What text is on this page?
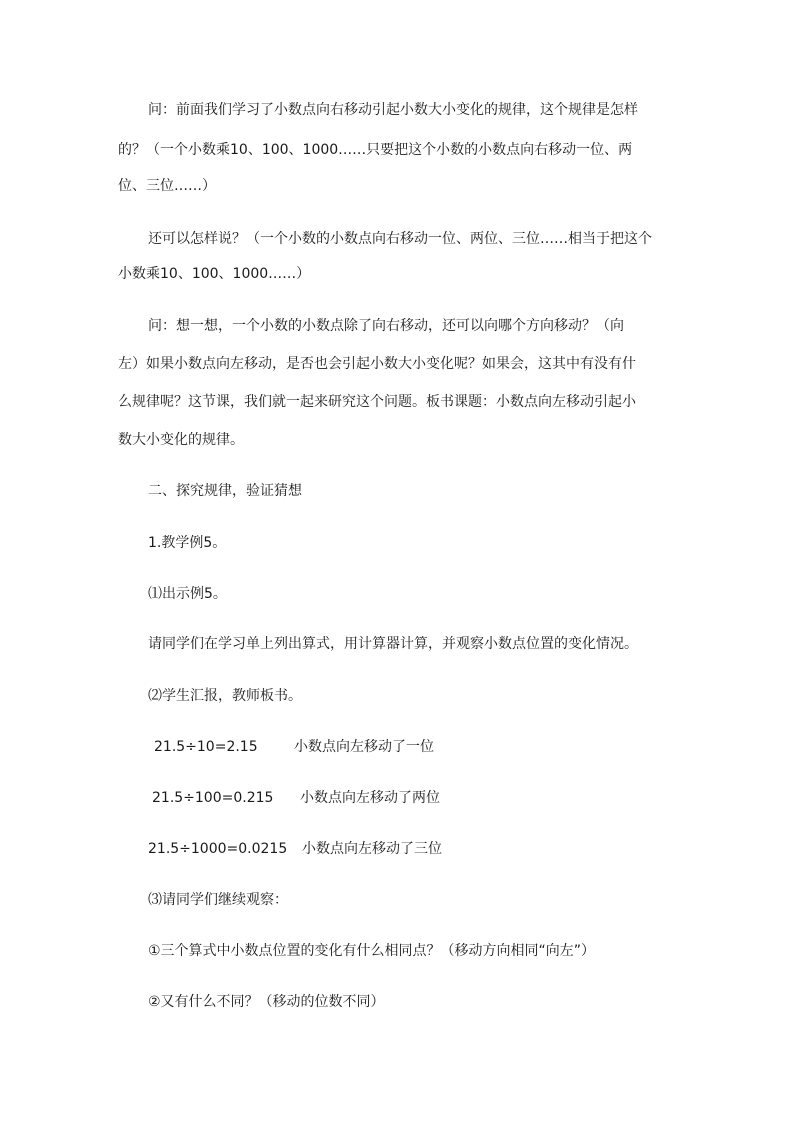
问：前面我们学习了小数点向右移动引起小数大小变化的规律，这个规律是怎样
的？（一个小数乘10、100、1000……只要把这个小数的小数点向右移动一位、两
位、三位……）
还可以怎样说？（一个小数的小数点向右移动一位、两位、三位……相当于把这个
小数乘10、100、1000……）
问：想一想，一个小数的小数点除了向右移动，还可以向哪个方向移动？（向
左）如果小数点向左移动，是否也会引起小数大小变化呢？如果会，这其中有没有什
么规律呢？这节课，我们就一起来研究这个问题。板书课题：小数点向左移动引起小
数大小变化的规律。
二、探究规律，验证猜想
1.教学例5。
⑴出示例5。
请同学们在学习单上列出算式，用计算器计算，并观察小数点位置的变化情况。
⑵学生汇报，教师板书。
21.5÷10=2.15	小数点向左移动了一位
21.5÷100=0.215 小数点向左移动了两位
21.5÷1000=0.0215 小数点向左移动了三位
⑶请同学们继续观察：
①三个算式中小数点位置的变化有什么相同点？（移动方向相同“向左”）
②又有什么不同？（移动的位数不同）
